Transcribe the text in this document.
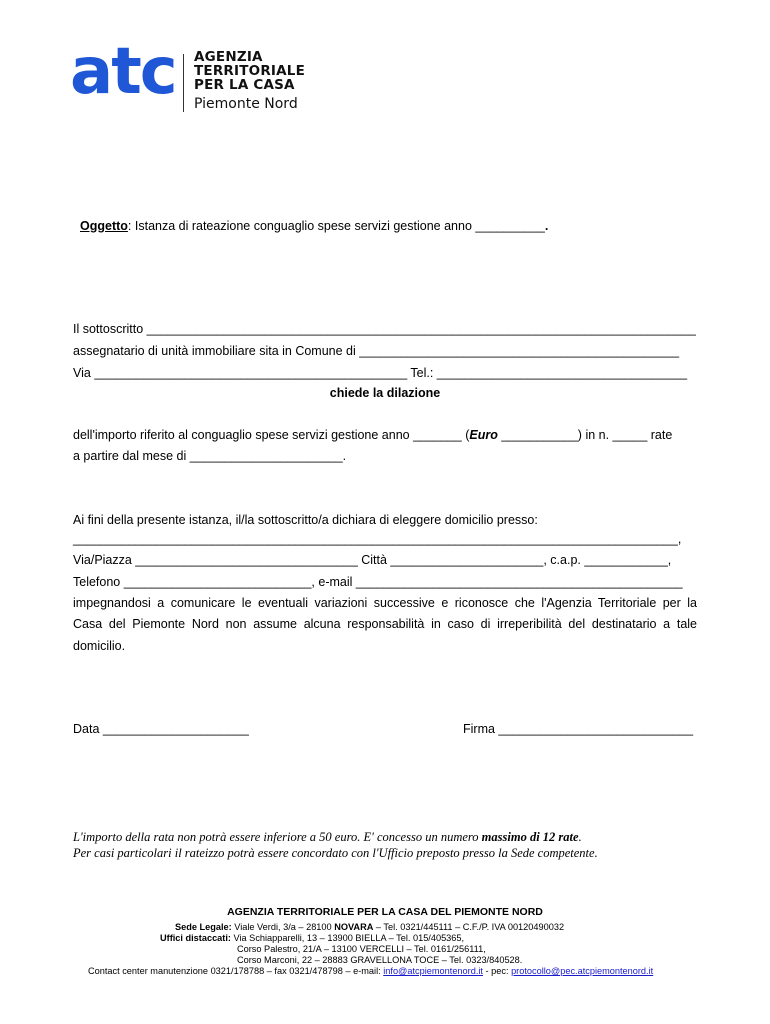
atc AGENZIA
TERRITORIALE
PER LA CASA
Piemonte Nord
Oggetto: Istanza di rateazione conguaglio spese servizi gestione anno __________.
Il sottoscritto _______________________________________________________________________________
assegnatario di unità immobiliare sita in Comune di ______________________________________________
Via _____________________________________________ Tel.: ____________________________________
chiede la dilazione
dell'importo riferito al conguaglio spese servizi gestione anno _______ (Euro ___________) in n. _____ rate
a partire dal mese di ______________________.
Ai fini della presente istanza, il/la sottoscritto/a dichiara di eleggere domicilio presso:
_______________________________________________________________________________________,
Via/Piazza ________________________________ Città ______________________, c.a.p. ____________,
Telefono ___________________________, e-mail _______________________________________________
impegnandosi a comunicare le eventuali variazioni successive e riconosce che l'Agenzia Territoriale per la
Casa del Piemonte Nord non assume alcuna responsabilità in caso di irreperibilità del destinatario a tale
domicilio.
Data _____________________	Firma ____________________________
L'importo della rata non potrà essere inferiore a 50 euro. E' concesso un numero massimo di 12 rate.
Per casi particolari il rateizzo potrà essere concordato con l'Ufficio preposto presso la Sede competente.
AGENZIA TERRITORIALE PER LA CASA DEL PIEMONTE NORD
Sede Legale: Viale Verdi, 3/a – 28100 NOVARA – Tel. 0321/445111 – C.F./P. IVA 00120490032
Uffici distaccati: Via Schiapparelli, 13 – 13900 BIELLA – Tel. 015/405365,
Corso Palestro, 21/A – 13100 VERCELLI – Tel. 0161/256111,
Corso Marconi, 22 – 28883 GRAVELLONA TOCE – Tel. 0323/840528.
Contact center manutenzione 0321/178788 – fax 0321/478798 – e-mail: info@atcpiemontenord.it - pec: protocollo@pec.atcpiemontenord.it
